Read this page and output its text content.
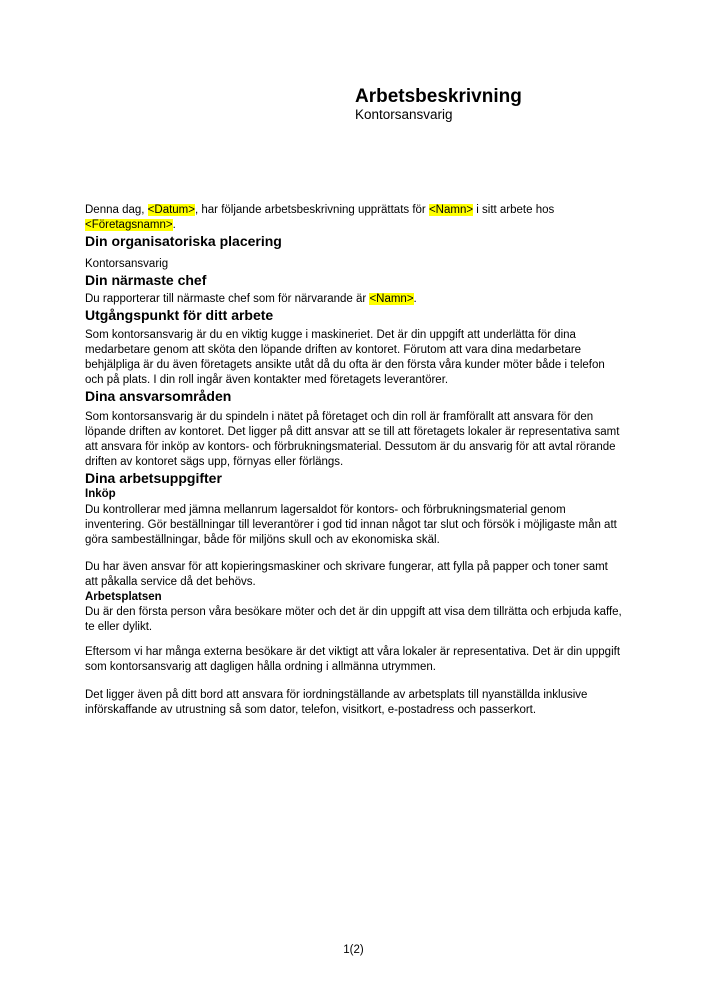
Arbetsbeskrivning
Kontorsansvarig

Denna dag, <Datum>, har följande arbetsbeskrivning upprättats för <Namn> i sitt arbete hos <Företagsnamn>.

Din organisatoriska placering

Kontorsansvarig

Din närmaste chef

Du rapporterar till närmaste chef som för närvarande är <Namn>.

Utgångspunkt för ditt arbete

Som kontorsansvarig är du en viktig kugge i maskineriet. Det är din uppgift att underlätta för dina medarbetare genom att sköta den löpande driften av kontoret. Förutom att vara dina medarbetare behjälpliga är du även företagets ansikte utåt då du ofta är den första våra kunder möter både i telefon och på plats. I din roll ingår även kontakter med företagets leverantörer.

Dina ansvarsområden

Som kontorsansvarig är du spindeln i nätet på företaget och din roll är framförallt att ansvara för den löpande driften av kontoret. Det ligger på ditt ansvar att se till att företagets lokaler är representativa samt att ansvara för inköp av kontors- och förbrukningsmaterial. Dessutom är du ansvarig för att avtal rörande driften av kontoret sägs upp, förnyas eller förlängs.

Dina arbetsuppgifter
Inköp

Du kontrollerar med jämna mellanrum lagersaldot för kontors- och förbrukningsmaterial genom inventering. Gör beställningar till leverantörer i god tid innan något tar slut och försök i möjligaste mån att göra sambeställningar, både för miljöns skull och av ekonomiska skäl.

Du har även ansvar för att kopieringsmaskiner och skrivare fungerar, att fylla på papper och toner samt att påkalla service då det behövs.

Arbetsplatsen

Du är den första person våra besökare möter och det är din uppgift att visa dem tillrätta och erbjuda kaffe, te eller dylikt.

Eftersom vi har många externa besökare är det viktigt att våra lokaler är representativa. Det är din uppgift som kontorsansvarig att dagligen hålla ordning i allmänna utrymmen.

Det ligger även på ditt bord att ansvara för iordningställande av arbetsplats till nyanställda inklusive införskaffande av utrustning så som dator, telefon, visitkort, e-postadress och passerkort.

1(2)
